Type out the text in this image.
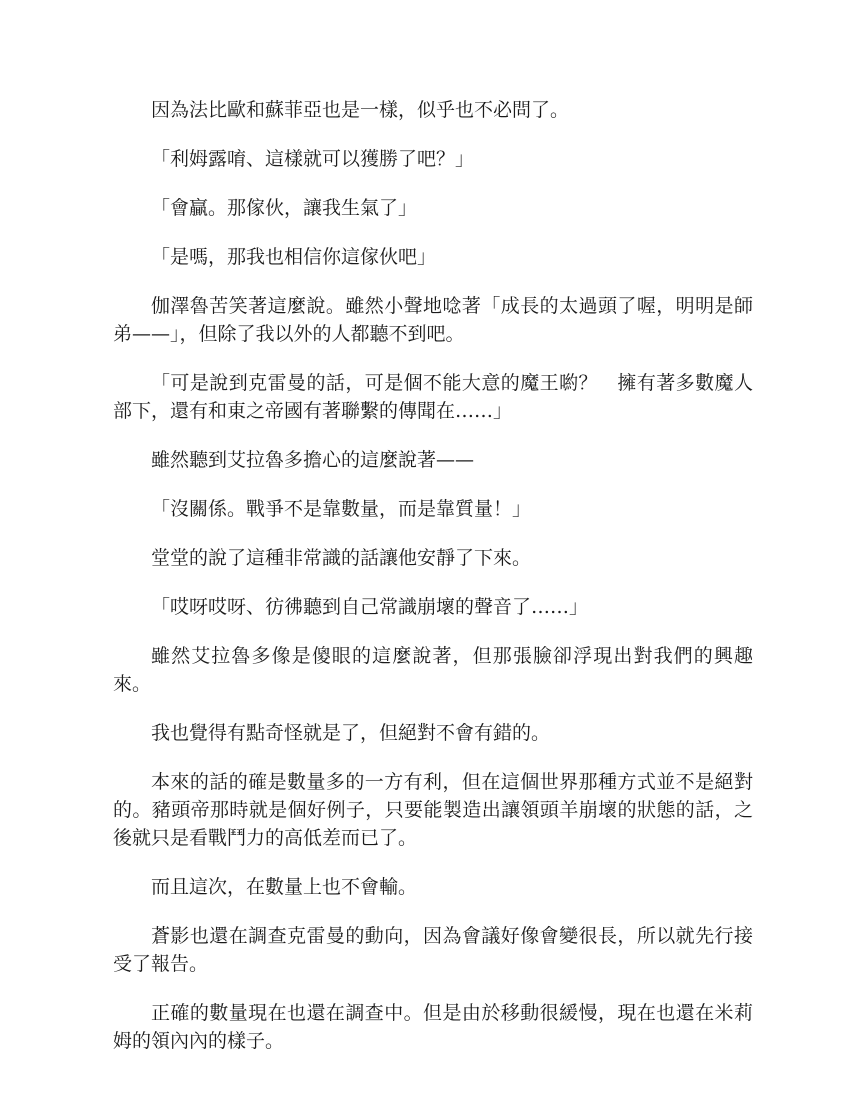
因為法比歐和蘇菲亞也是一樣，似乎也不必問了。

「利姆露唷、這樣就可以獲勝了吧？」

「會贏。那傢伙，讓我生氣了」

「是嗎，那我也相信你這傢伙吧」

伽澤魯苦笑著這麼說。雖然小聲地唸著「成長的太過頭了喔，明明是師弟——」，但除了我以外的人都聽不到吧。

「可是說到克雷曼的話，可是個不能大意的魔王喲？　擁有著多數魔人部下，還有和東之帝國有著聯繫的傳聞在……」

雖然聽到艾拉魯多擔心的這麼說著——

「沒關係。戰爭不是靠數量，而是靠質量！」

堂堂的說了這種非常識的話讓他安靜了下來。

「哎呀哎呀、彷彿聽到自己常識崩壞的聲音了……」

雖然艾拉魯多像是傻眼的這麼說著，但那張臉卻浮現出對我們的興趣來。

我也覺得有點奇怪就是了，但絕對不會有錯的。

本來的話的確是數量多的一方有利，但在這個世界那種方式並不是絕對的。豬頭帝那時就是個好例子，只要能製造出讓領頭羊崩壞的狀態的話，之後就只是看戰鬥力的高低差而已了。

而且這次，在數量上也不會輸。

蒼影也還在調查克雷曼的動向，因為會議好像會變很長，所以就先行接受了報告。

正確的數量現在也還在調查中。但是由於移動很緩慢，現在也還在米莉姆的領內內的樣子。
